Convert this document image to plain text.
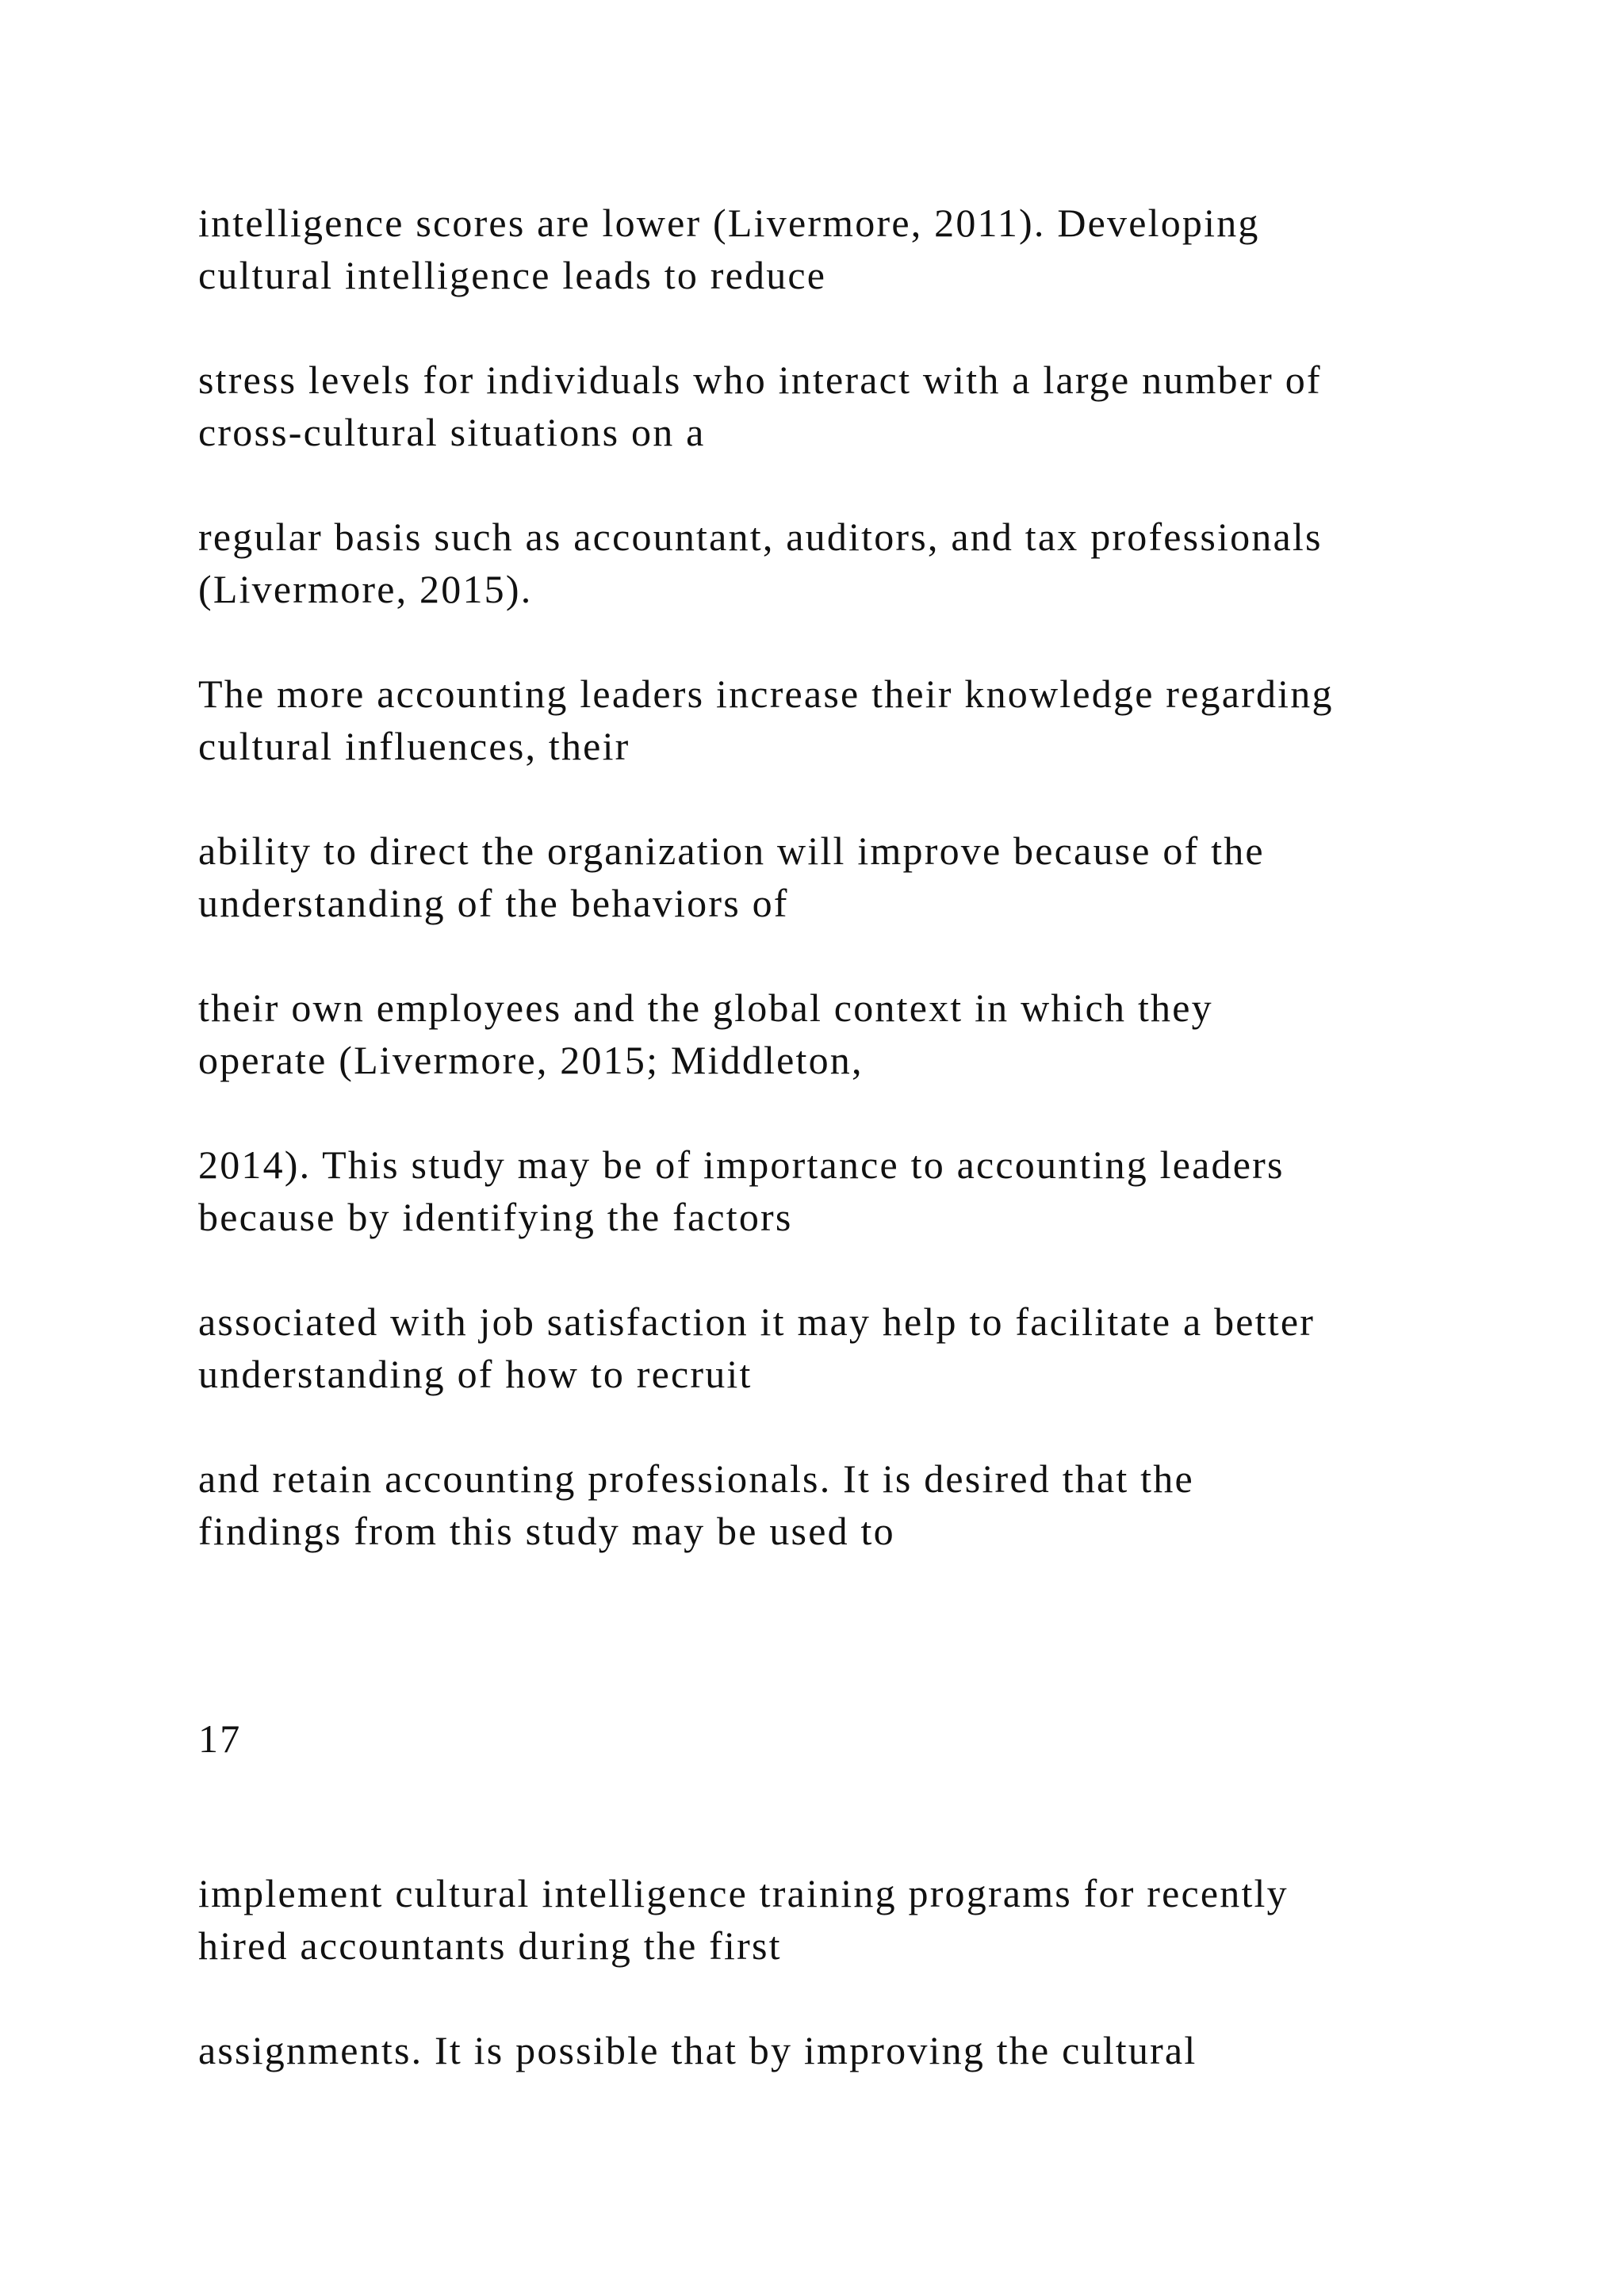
intelligence scores are lower (Livermore, 2011). Developing
cultural intelligence leads to reduce

stress levels for individuals who interact with a large number of
cross-cultural situations on a

regular basis such as accountant, auditors, and tax professionals
(Livermore, 2015).

The more accounting leaders increase their knowledge regarding
cultural influences, their

ability to direct the organization will improve because of the
understanding of the behaviors of

their own employees and the global context in which they
operate (Livermore, 2015; Middleton,

2014). This study may be of importance to accounting leaders
because by identifying the factors

associated with job satisfaction it may help to facilitate a better
understanding of how to recruit

and retain accounting professionals. It is desired that the
findings from this study may be used to

17

implement cultural intelligence training programs for recently
hired accountants during the first

assignments. It is possible that by improving the cultural
